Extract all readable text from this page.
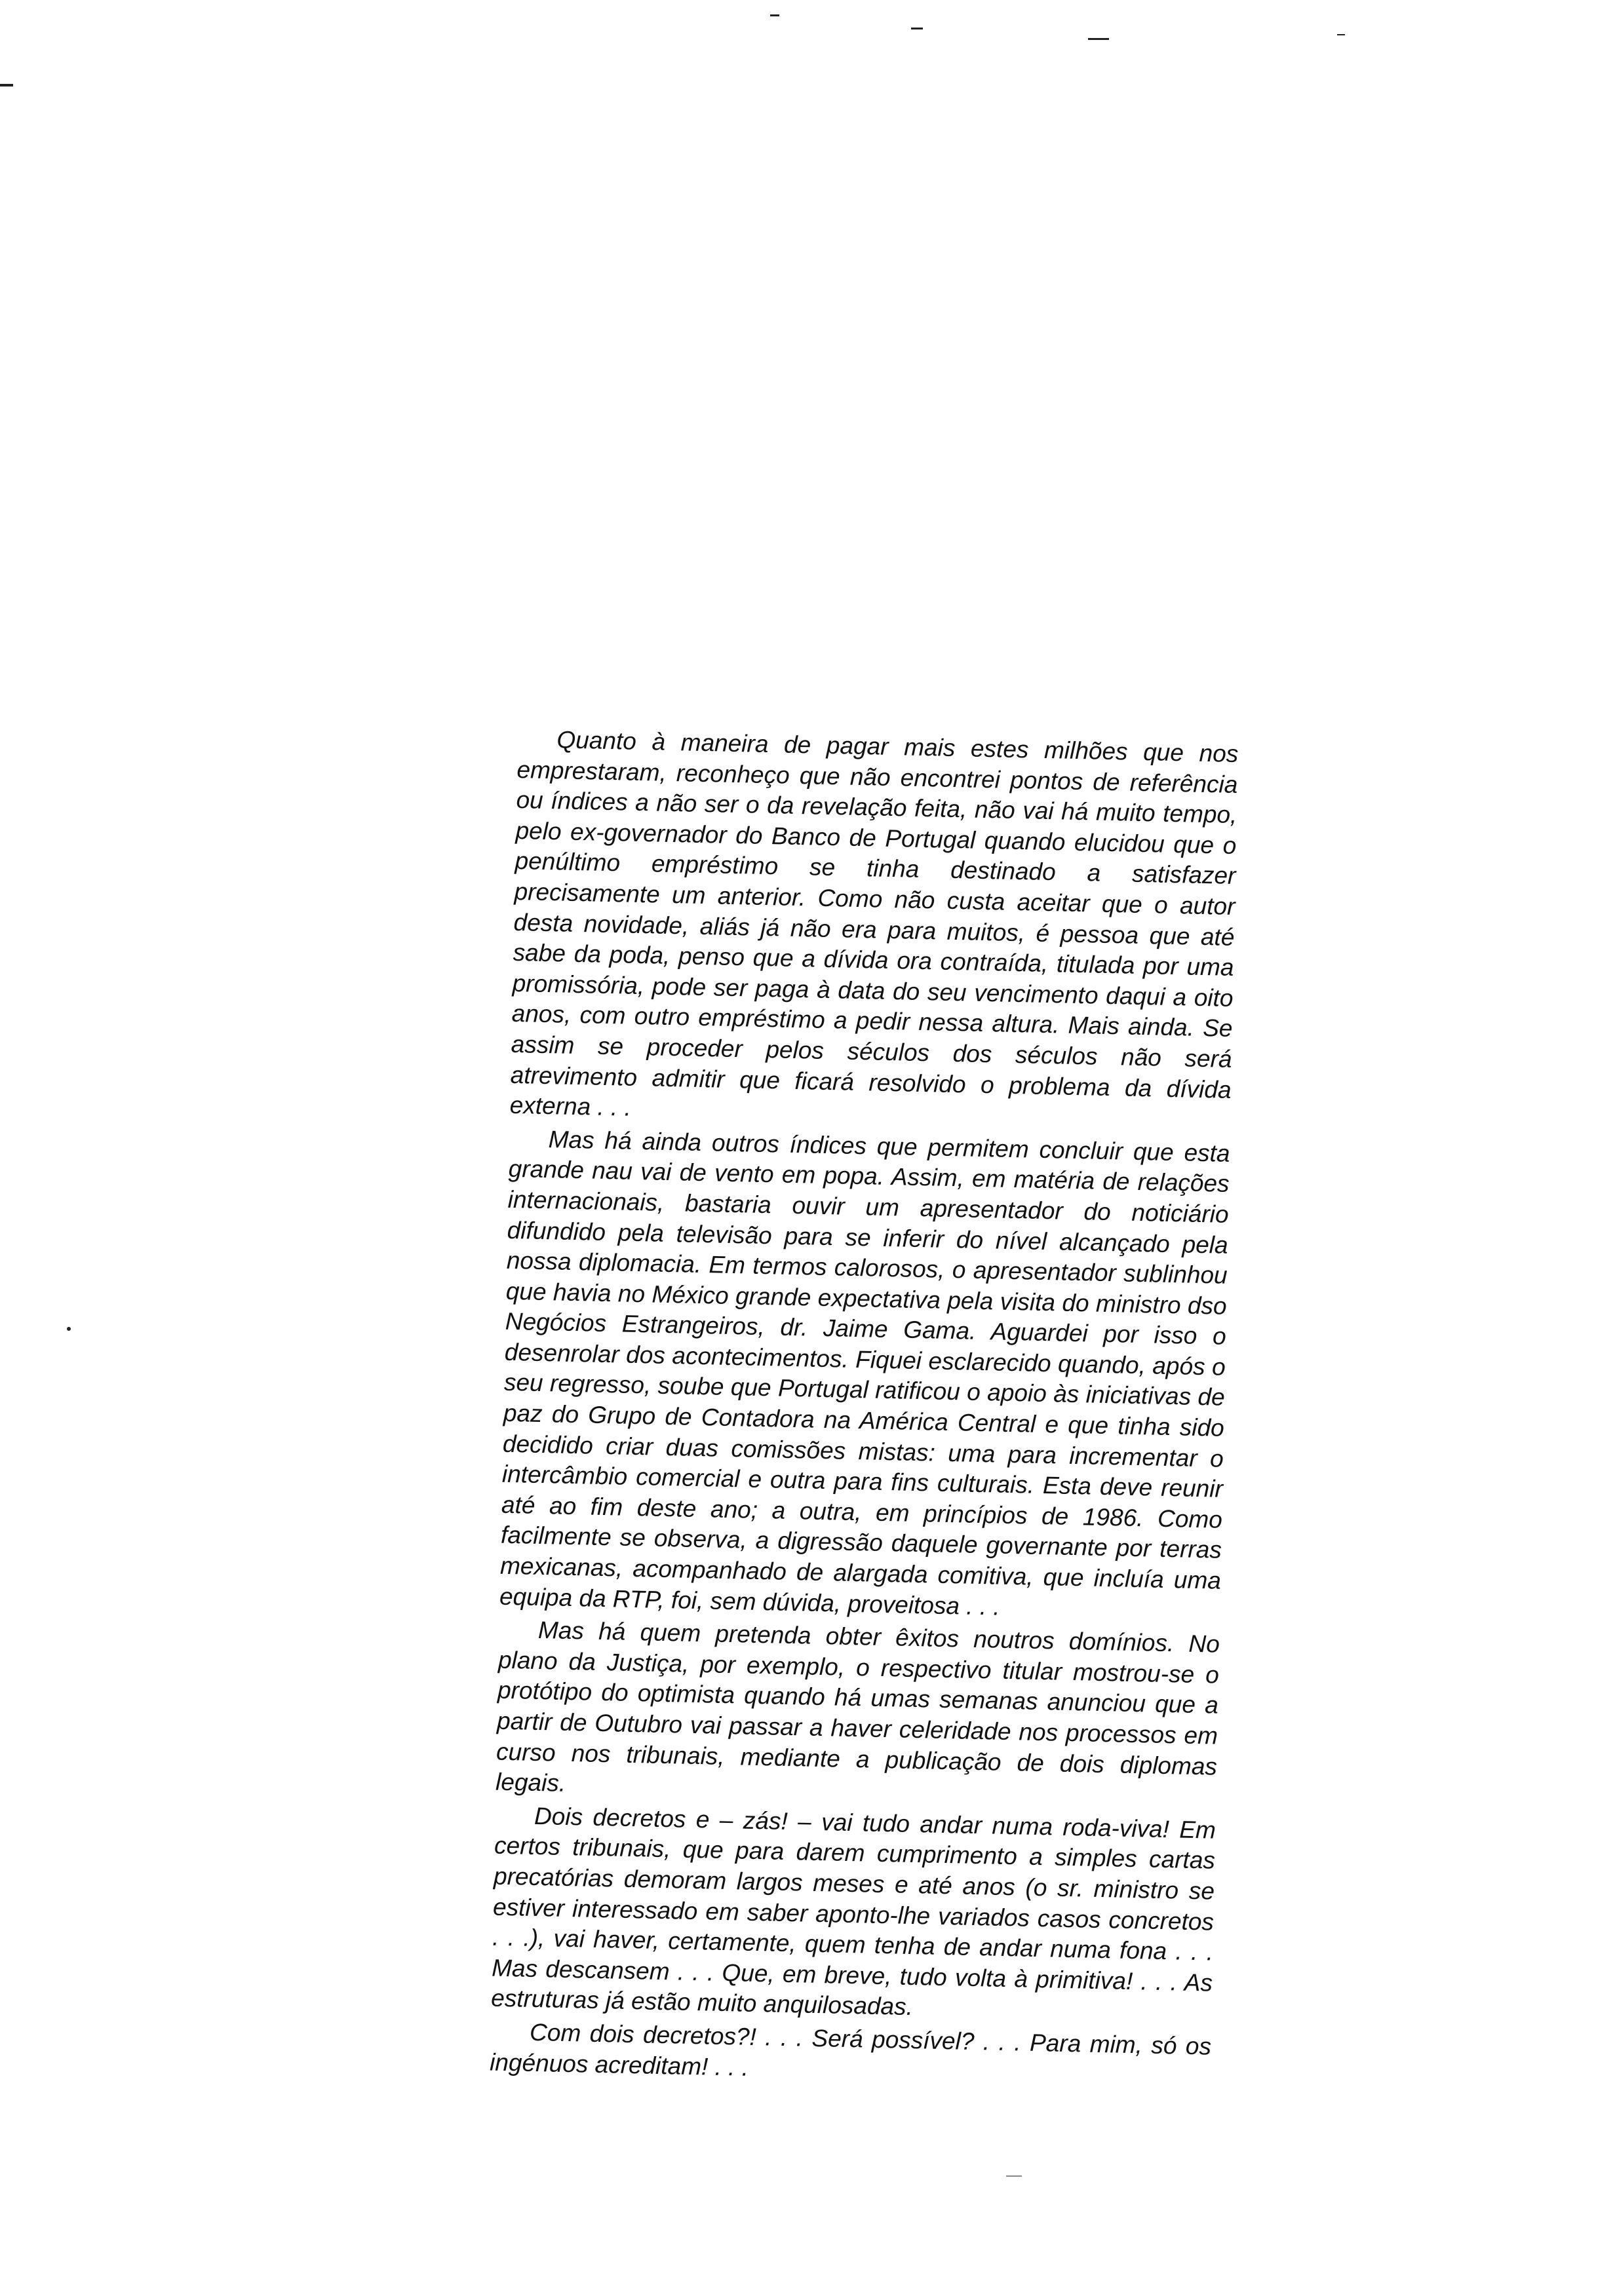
Quanto à maneira de pagar mais estes milhões que nos emprestaram, reconheço que não encontrei pontos de referência ou índices a não ser o da revelação feita, não vai há muito tempo, pelo ex-governador do Banco de Portugal quando elucidou que o penúltimo empréstimo se tinha destinado a satisfazer precisamente um anterior. Como não custa aceitar que o autor desta novidade, aliás já não era para muitos, é pessoa que até sabe da poda, penso que a dívida ora contraída, titulada por uma promissória, pode ser paga à data do seu vencimento daqui a oito anos, com outro empréstimo a pedir nessa altura. Mais ainda. Se assim se proceder pelos séculos dos séculos não será atrevimento admitir que ficará resolvido o problema da dívida externa . . .

Mas há ainda outros índices que permitem concluir que esta grande nau vai de vento em popa. Assim, em matéria de relações internacionais, bastaria ouvir um apresentador do noticiário difundido pela televisão para se inferir do nível alcançado pela nossa diplomacia. Em termos calorosos, o apresentador sublinhou que havia no México grande expectativa pela visita do ministro dso Negócios Estrangeiros, dr. Jaime Gama. Aguardei por isso o desenrolar dos acontecimentos. Fiquei esclarecido quando, após o seu regresso, soube que Portugal ratificou o apoio às iniciativas de paz do Grupo de Contadora na América Central e que tinha sido decidido criar duas comissões mistas: uma para incrementar o intercâmbio comercial e outra para fins culturais. Esta deve reunir até ao fim deste ano; a outra, em princípios de 1986. Como facilmente se observa, a digressão daquele governante por terras mexicanas, acompanhado de alargada comitiva, que incluía uma equipa da RTP, foi, sem dúvida, proveitosa . . .

Mas há quem pretenda obter êxitos noutros domínios. No plano da Justiça, por exemplo, o respectivo titular mostrou-se o protótipo do optimista quando há umas semanas anunciou que a partir de Outubro vai passar a haver celeridade nos processos em curso nos tribunais, mediante a publicação de dois diplomas legais.

Dois decretos e – zás! – vai tudo andar numa roda-viva! Em certos tribunais, que para darem cumprimento a simples cartas precatórias demoram largos meses e até anos (o sr. ministro se estiver interessado em saber aponto-lhe variados casos concretos . . .), vai haver, certamente, quem tenha de andar numa fona . . . Mas descansem . . . Que, em breve, tudo volta à primitiva! . . . As estruturas já estão muito anquilosadas.

Com dois decretos?! . . . Será possível? . . . Para mim, só os ingénuos acreditam! . . .
